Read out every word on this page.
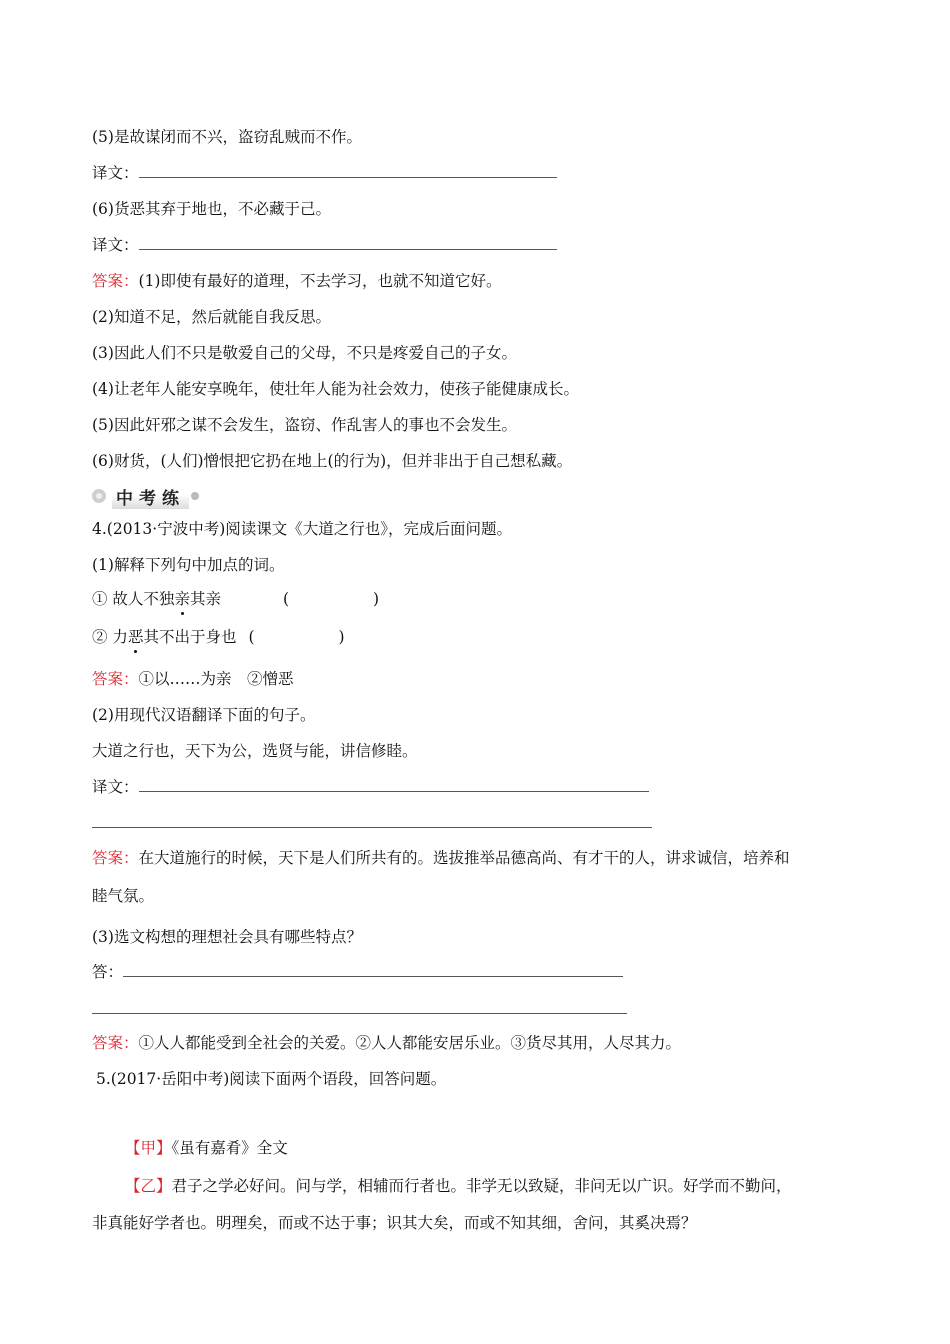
(5)是故谋闭而不兴，盗窃乱贼而不作。
译文：
(6)货恶其弃于地也，不必藏于己。
译文：
答案：(1)即使有最好的道理，不去学习，也就不知道它好。
(2)知道不足，然后就能自我反思。
(3)因此人们不只是敬爱自己的父母，不只是疼爱自己的子女。
(4)让老年人能安享晚年，使壮年人能为社会效力，使孩子能健康成长。
(5)因此奸邪之谋不会发生，盗窃、作乱害人的事也不会发生。
(6)财货，(人们)憎恨把它扔在地上(的行为)，但并非出于自己想私藏。
中考练
4.(2013·宁波中考)阅读课文《大道之行也》，完成后面问题。
(1)解释下列句中加点的词。
① 故人不独亲其亲	(	)
② 力恶其不出于身也 (	)
答案：①以……为亲　②憎恶
(2)用现代汉语翻译下面的句子。
大道之行也，天下为公，选贤与能，讲信修睦。
译文：
答案：在大道施行的时候，天下是人们所共有的。选拔推举品德高尚、有才干的人，讲求诚信，培养和
睦气氛。
(3)选文构想的理想社会具有哪些特点？
答：
答案：①人人都能受到全社会的关爱。②人人都能安居乐业。③货尽其用，人尽其力。
5.(2017·岳阳中考)阅读下面两个语段，回答问题。
【甲】《虽有嘉肴》全文
【乙】君子之学必好问。问与学，相辅而行者也。非学无以致疑，非问无以广识。好学而不勤问，
非真能好学者也。明理矣，而或不达于事；识其大矣，而或不知其细，舍问，其奚决焉？
